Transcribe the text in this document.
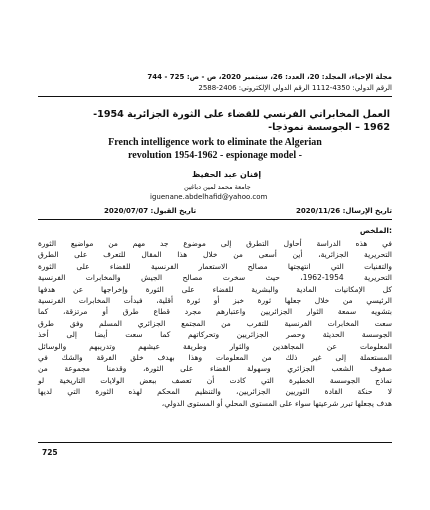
مجلة الإحياء، المجلد: 20، العدد: 26، سبتمبر 2020، ص - ص: 725 - 744
الرقم الدولي: 4350-1112 الرقم الدولي الإلكتروني: 2406-2588
العمل المخابراتي الفرنسي للقضاء على الثورة الجزائرية 1954-
1962 – الجوسسة نموذجا-
French intelligence work to eliminate the Algerian
revolution 1954-1962 - espionage model -
إقنان عبد الحفيظ
جامعة محمد لمين دباغين
iguenane.abdelhafid@yahoo.com
تاريخ الإرسال: 2020/11/26
تاريخ القبول: 2020/07/07
الملخص:

في هذه الدراسة أحاول التطرق إلى موضوع جد مهم من مواضيع الثورة

التحريرية الجزائرية، أين أسعى من خلال هذا المقال للتعرف على الطرق

والتقنيات التي انتهجتها مصالح الاستعمار الفرنسية للقضاء على الثورة

التحريرية 1954-1962، حيث سخرت مصالح الجيش والمخابرات الفرنسية

كل الإمكانيات المادية والبشرية للقضاء على الثورة وإخراجها عن هدفها

الرئيسي من خلال جعلها ثورة خبز أو ثورة أقلية، فبدأت المخابرات الفرنسية

بتشويه سمعة الثوار الجزائريين واعتبارهم مجرد قطاع طرق أو مرتزقة، كما

سعت المخابرات الفرنسية للتقرب من المجتمع الجزائري المسلم وفق طرق

الجوسسة الحديثة وحصر الجزائريين وتحركاتهم كما سعت أيضا إلى أخذ

المعلومات عن المجاهدين والثوار وطريقة عيشهم وتدريبهم والوسائل

المستعملة إلى غير ذلك من المعلومات وهذا بهدف خلق الفرقة والشك في

صفوف الشعب الجزائري وسهولة القضاء على الثورة، وقدمنا مجموعة من

نماذج الجوسسة الخطيرة التي كادت أن تعصف ببعض الولايات التاريخية لو

لا حنكة القادة الثوريين الجزائريين، والتنظيم المحكم لهذه الثورة التي لديها

هدف يجعلها تبرر شرعيتها سواء على المستوى المحلي أو المستوى الدولي،

725
